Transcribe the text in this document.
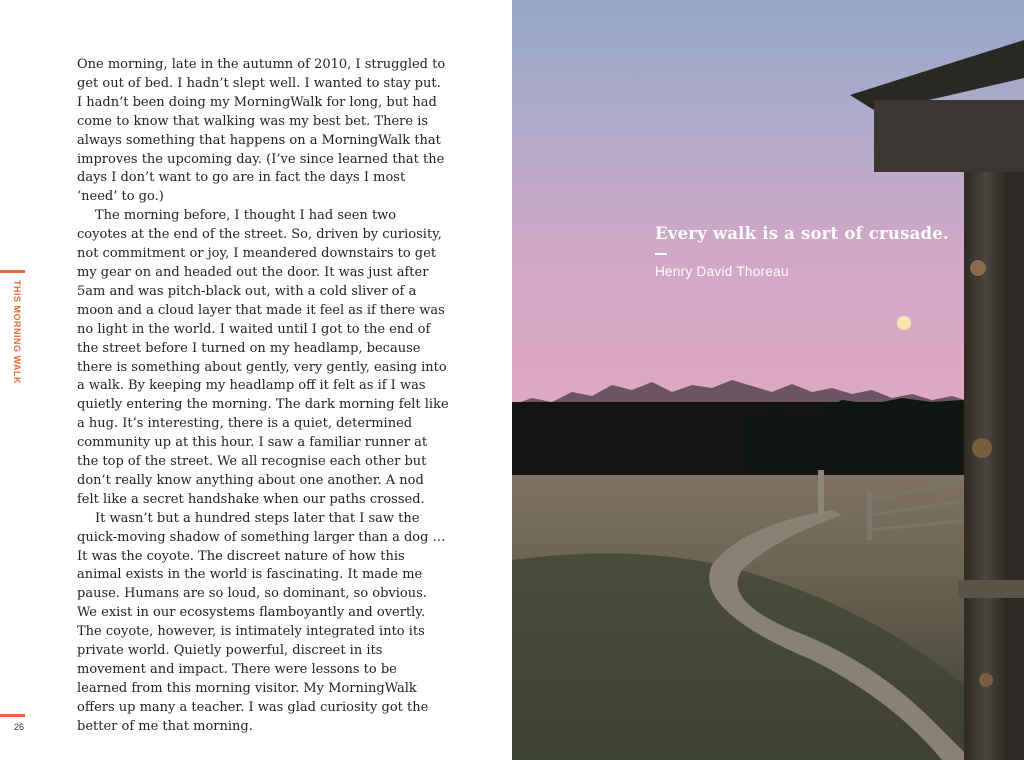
THIS MORNING WALK

One morning, late in the autumn of 2010, I struggled to get out of bed. I hadn’t slept well. I wanted to stay put. I hadn’t been doing my MorningWalk for long, but had come to know that walking was my best bet. There is always something that happens on a MorningWalk that improves the upcoming day. (I’ve since learned that the days I don’t want to go are in fact the days I most ‘need’ to go.)

The morning before, I thought I had seen two coyotes at the end of the street. So, driven by curiosity, not commitment or joy, I meandered downstairs to get my gear on and headed out the door. It was just after 5am and was pitch-black out, with a cold sliver of a moon and a cloud layer that made it feel as if there was no light in the world. I waited until I got to the end of the street before I turned on my headlamp, because there is something about gently, very gently, easing into a walk. By keeping my headlamp off it felt as if I was quietly entering the morning. The dark morning felt like a hug. It’s interesting, there is a quiet, determined community up at this hour. I saw a familiar runner at the top of the street. We all recognise each other but don’t really know anything about one another. A nod felt like a secret handshake when our paths crossed.

It wasn’t but a hundred steps later that I saw the quick-moving shadow of something larger than a dog … It was the coyote. The discreet nature of how this animal exists in the world is fascinating. It made me pause. Humans are so loud, so dominant, so obvious. We exist in our ecosystems flamboyantly and overtly. The coyote, however, is intimately integrated into its private world. Quietly powerful, discreet in its movement and impact. There were lessons to be learned from this morning visitor. My MorningWalk offers up many a teacher. I was glad curiosity got the better of me that morning.

26
Every walk is a sort of crusade.
Henry David Thoreau
